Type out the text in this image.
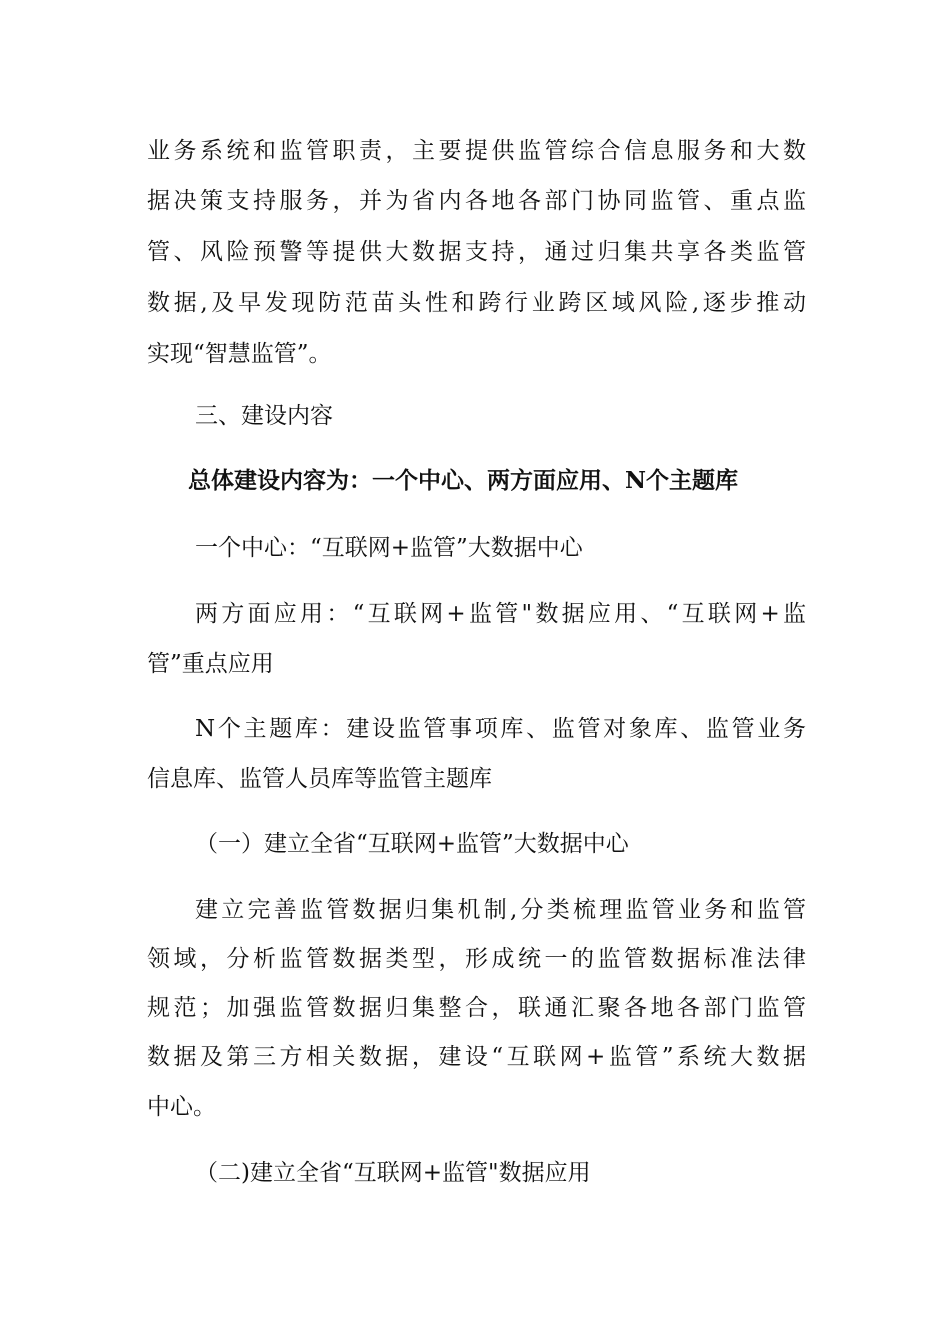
业务系统和监管职责，主要提供监管综合信息服务和大数
据决策支持服务，并为省内各地各部门协同监管、重点监
管、风险预警等提供大数据支持，通过归集共享各类监管
数据,及早发现防范苗头性和跨行业跨区域风险,逐步推动
实现“智慧监管”。
三、建设内容
总体建设内容为：一个中心、两方面应用、N个主题库
一个中心：“互联网+监管”大数据中心
两方面应用：“互联网+监管"数据应用、“互联网+监
管”重点应用
N个主题库：建设监管事项库、监管对象库、监管业务
信息库、监管人员库等监管主题库
（一）建立全省“互联网+监管”大数据中心
建立完善监管数据归集机制,分类梳理监管业务和监管
领域，分析监管数据类型，形成统一的监管数据标准法律
规范；加强监管数据归集整合，联通汇聚各地各部门监管
数据及第三方相关数据，建设“互联网+监管”系统大数据
中心。
（二)建立全省“互联网+监管"数据应用
